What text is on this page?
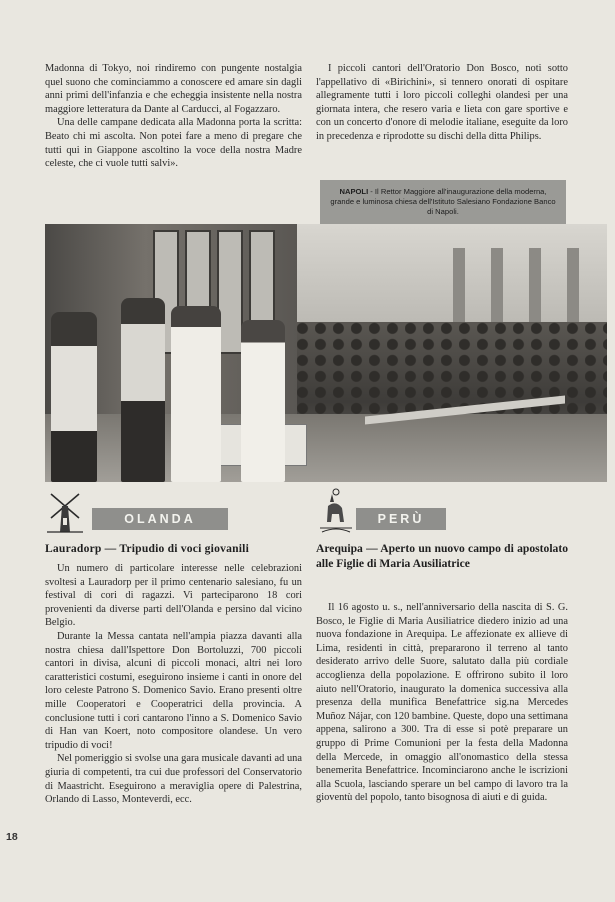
Madonna di Tokyo, noi rindiremo con pungente nostalgia quel suono che cominciammo a conoscere ed amare sin dagli anni primi dell'infanzia e che echeggia insistente nella nostra maggiore letteratura da Dante al Carducci, al Fogazzaro.

Una delle campane dedicata alla Madonna porta la scritta: Beato chi mi ascolta. Non potei fare a meno di pregare che tutti qui in Giappone ascoltino la voce della nostra Madre celeste, che ci vuole tutti salvi».

I piccoli cantori dell'Oratorio Don Bosco, noti sotto l'appellativo di «Birichini», si tennero onorati di ospitare allegramente tutti i loro piccoli colleghi olandesi per una giornata intera, che resero varia e lieta con gare sportive e con un concerto d'onore di melodie italiane, eseguite da loro in precedenza e riprodotte su dischi della ditta Philips.

NAPOLI - Il Rettor Maggiore all'inaugurazione della moderna, grande e luminosa chiesa dell'Istituto Salesiano Fondazione Banco di Napoli.
OLANDA	PERÙ
Lauradorp — Tripudio di voci giovanili	Arequipa — Aperto un nuovo campo di apostolato alle Figlie di Maria Ausiliatrice

Un numero di particolare interesse nelle celebrazioni svoltesi a Lauradorp per il primo centenario salesiano, fu un festival di cori di ragazzi. Vi parteciparono 18 cori provenienti da diverse parti dell'Olanda e persino dal vicino Belgio.

Durante la Messa cantata nell'ampia piazza davanti alla nostra chiesa dall'Ispettore Don Bortoluzzi, 700 piccoli cantori in divisa, alcuni di piccoli monaci, altri nei loro caratteristici costumi, eseguirono insieme i canti in onore del loro celeste Patrono S. Domenico Savio. Erano presenti oltre mille Cooperatori e Cooperatrici della provincia. A conclusione tutti i cori cantarono l'inno a S. Domenico Savio di Han van Koert, noto compositore olandese. Un vero tripudio di voci!

Nel pomeriggio si svolse una gara musicale davanti ad una giuria di competenti, tra cui due professori del Conservatorio di Maastricht. Eseguirono a meraviglia opere di Palestrina, Orlando di Lasso, Monteverdi, ecc.

Il 16 agosto u. s., nell'anniversario della nascita di S. G. Bosco, le Figlie di Maria Ausiliatrice diedero inizio ad una nuova fondazione in Arequipa. Le affezionate ex allieve di Lima, residenti in città, prepararono il terreno al tanto desiderato arrivo delle Suore, salutato dalla più cordiale accoglienza della popolazione. E offrirono subito il loro aiuto nell'Oratorio, inaugurato la domenica successiva alla presenza della munifica Benefattrice sig.na Mercedes Muñoz Nájar, con 120 bambine. Queste, dopo una settimana appena, salirono a 300. Tra di esse si potè preparare un gruppo di Prime Comunioni per la festa della Madonna della Mercede, in omaggio all'onomastico della stessa benemerita Benefattrice. Incominciarono anche le iscrizioni alla Scuola, lasciando sperare un bel campo di lavoro tra la gioventù del popolo, tanto bisognosa di aiuti e di guida.

18
